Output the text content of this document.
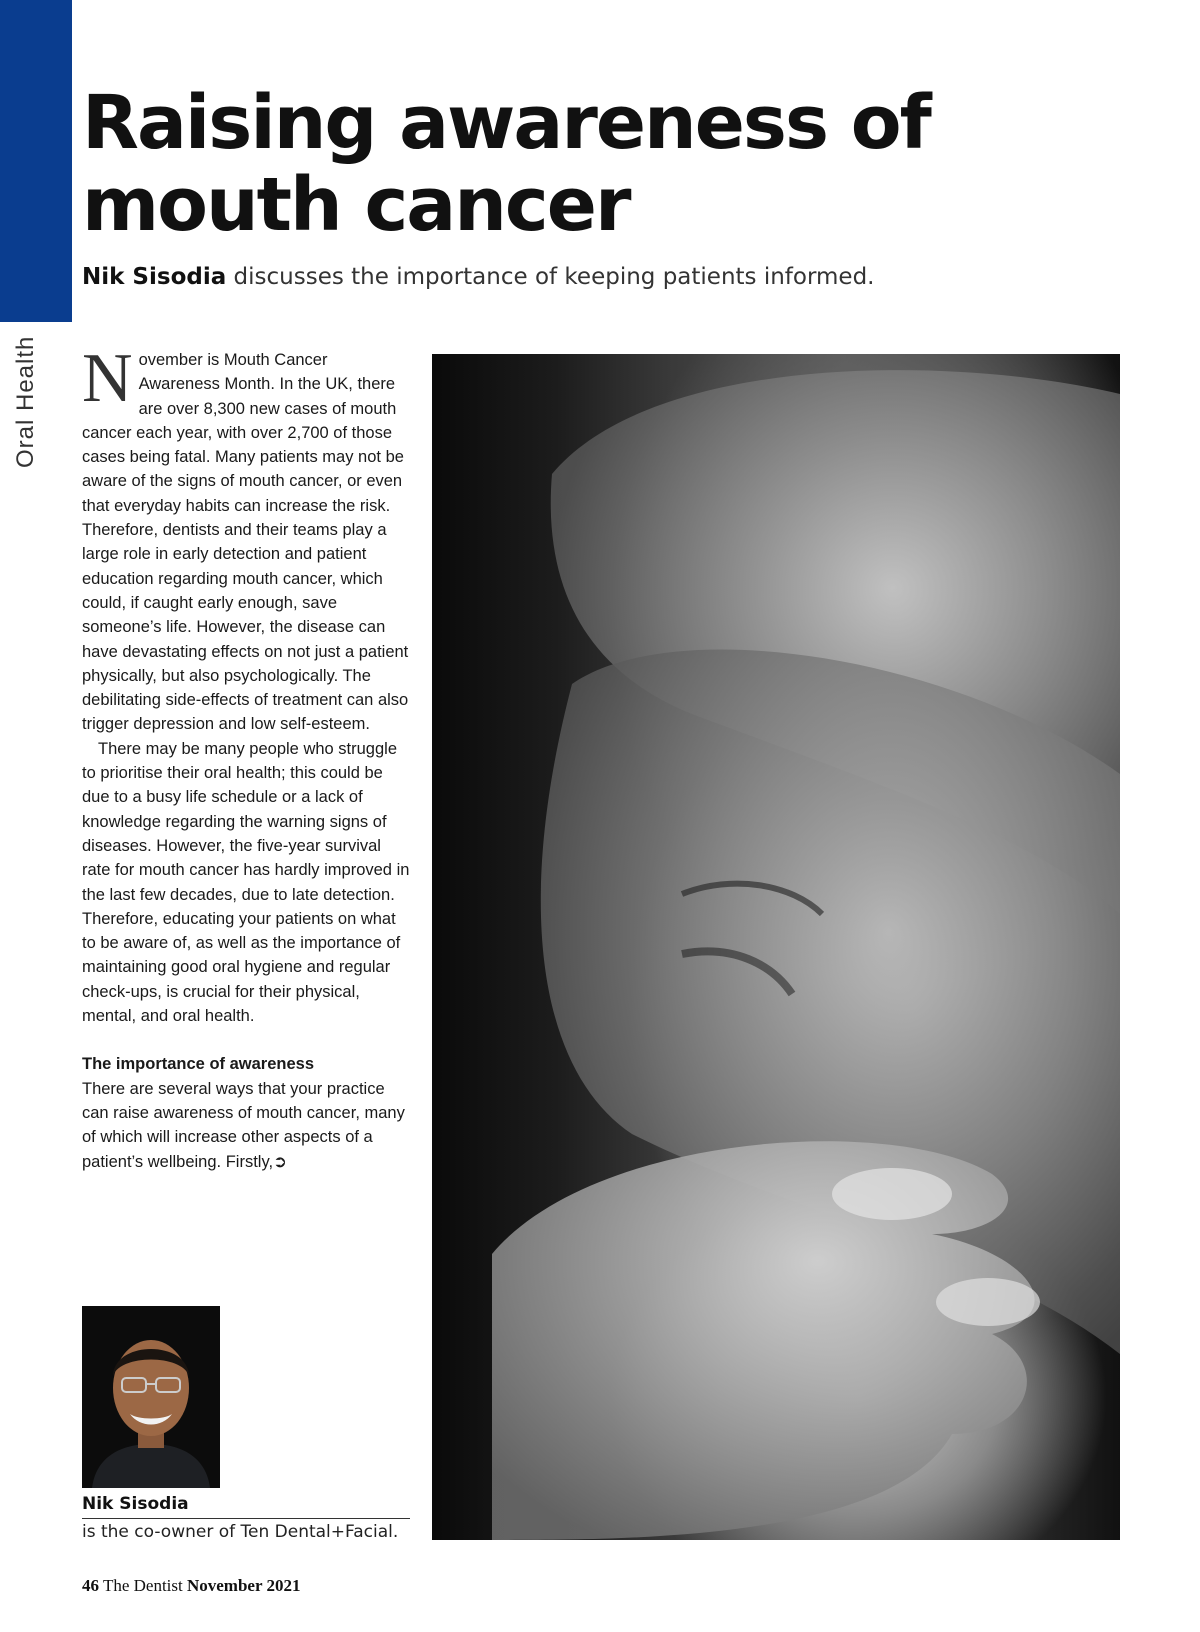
Oral Health
Raising awareness of mouth cancer

Nik Sisodia discusses the importance of keeping patients informed.

November is Mouth Cancer Awareness Month. In the UK, there are over 8,300 new cases of mouth cancer each year, with over 2,700 of those cases being fatal. Many patients may not be aware of the signs of mouth cancer, or even that everyday habits can increase the risk. Therefore, dentists and their teams play a large role in early detection and patient education regarding mouth cancer, which could, if caught early enough, save someone’s life. However, the disease can have devastating effects on not just a patient physically, but also psychologically. The debilitating side-effects of treatment can also trigger depression and low self-esteem.

There may be many people who struggle to prioritise their oral health; this could be due to a busy life schedule or a lack of knowledge regarding the warning signs of diseases. However, the five-year survival rate for mouth cancer has hardly improved in the last few decades, due to late detection. Therefore, educating your patients on what to be aware of, as well as the importance of maintaining good oral hygiene and regular check-ups, is crucial for their physical, mental, and oral health.

The importance of awareness

There are several ways that your practice can raise awareness of mouth cancer, many of which will increase other aspects of a patient’s wellbeing. Firstly,➲

Nik Sisodia
is the co-owner of Ten Dental+Facial.
46 The Dentist November 2021
